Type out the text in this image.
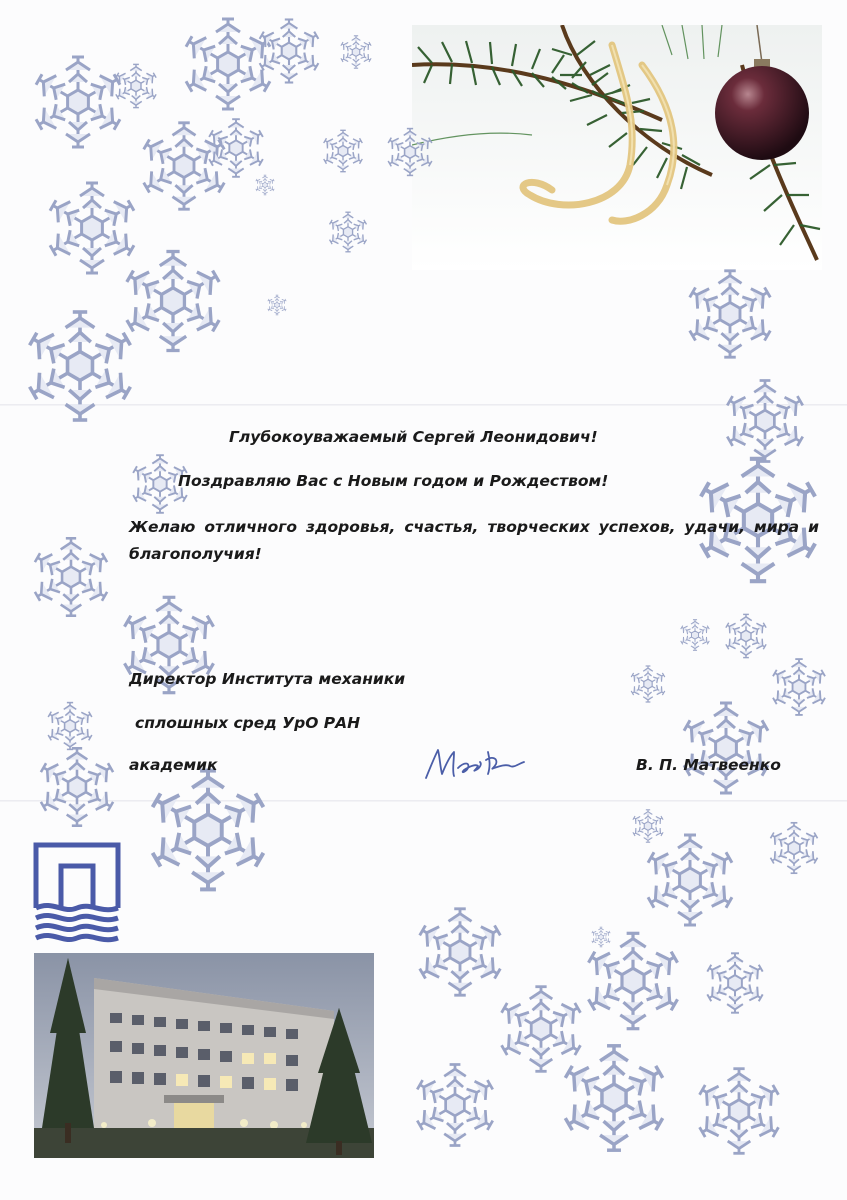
Глубокоуважаемый Сергей Леонидович!

Поздравляю Вас с Новым годом и Рождеством!

Желаю отличного здоровья, счастья, творческих успехов, удачи, мира и благополучия!

Директор Института механики

сплошных сред УрО РАН

академик	В. П. Матвеенко
